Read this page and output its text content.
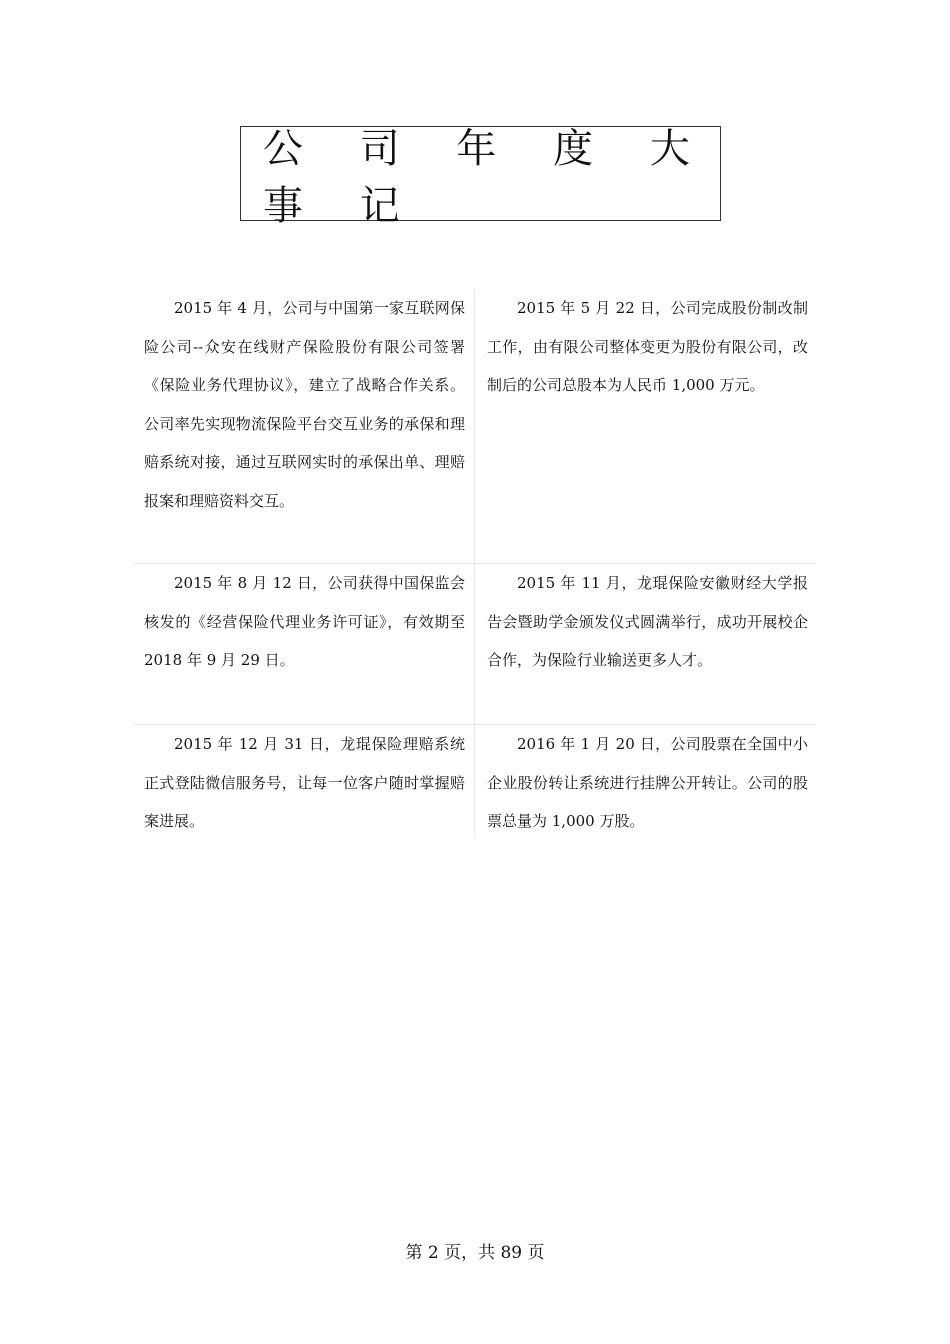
公 司 年 度 大 事 记
2015 年 4 月，公司与中国第一家互联网保险公司--众安在线财产保险股份有限公司签署《保险业务代理协议》，建立了战略合作关系。公司率先实现物流保险平台交互业务的承保和理赔系统对接，通过互联网实时的承保出单、理赔报案和理赔资料交互。
2015 年 5 月 22 日，公司完成股份制改制工作，由有限公司整体变更为股份有限公司，改制后的公司总股本为人民币 1,000 万元。
2015 年 8 月 12 日，公司获得中国保监会核发的《经营保险代理业务许可证》，有效期至 2018 年 9 月 29 日。
2015 年 11 月，龙琨保险安徽财经大学报告会暨助学金颁发仪式圆满举行，成功开展校企合作，为保险行业输送更多人才。
2015 年 12 月 31 日，龙琨保险理赔系统正式登陆微信服务号，让每一位客户随时掌握赔案进展。
2016 年 1 月 20 日，公司股票在全国中小企业股份转让系统进行挂牌公开转让。公司的股票总量为 1,000 万股。
第 2 页，共 89 页
